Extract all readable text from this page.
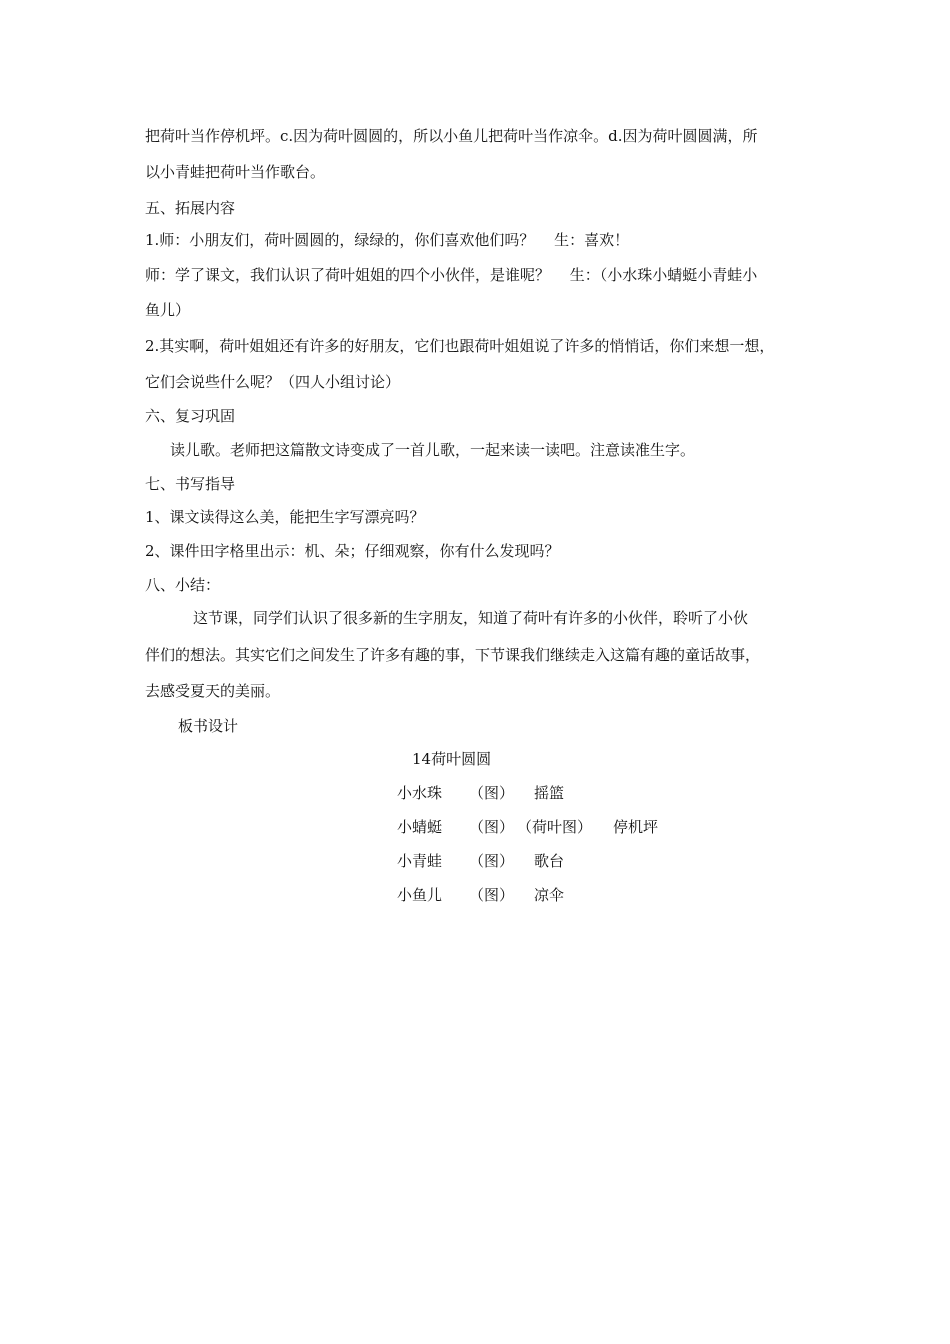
把荷叶当作停机坪。c.因为荷叶圆圆的，所以小鱼儿把荷叶当作凉伞。d.因为荷叶圆圆满，所
以小青蛙把荷叶当作歌台。
五、拓展内容
1.师：小朋友们，荷叶圆圆的，绿绿的，你们喜欢他们吗？　 生：喜欢！
师：学了课文，我们认识了荷叶姐姐的四个小伙伴，是谁呢？　 生：（小水珠小蜻蜓小青蛙小
鱼儿）
2.其实啊，荷叶姐姐还有许多的好朋友，它们也跟荷叶姐姐说了许多的悄悄话，你们来想一想，
它们会说些什么呢？（四人小组讨论）
六、复习巩固
读儿歌。老师把这篇散文诗变成了一首儿歌，一起来读一读吧。注意读准生字。
七、书写指导
1、课文读得这么美，能把生字写漂亮吗？
2、课件田字格里出示：机、朵；仔细观察，你有什么发现吗？
八、小结：
这节课，同学们认识了很多新的生字朋友，知道了荷叶有许多的小伙伴，聆听了小伙
伴们的想法。其实它们之间发生了许多有趣的事，下节课我们继续走入这篇有趣的童话故事，
去感受夏天的美丽。
板书设计
14荷叶圆圆
小水珠 （图） 摇篮
小蜻蜓 （图） （荷叶图） 停机坪
小青蛙 （图） 歌台
小鱼儿 （图） 凉伞
